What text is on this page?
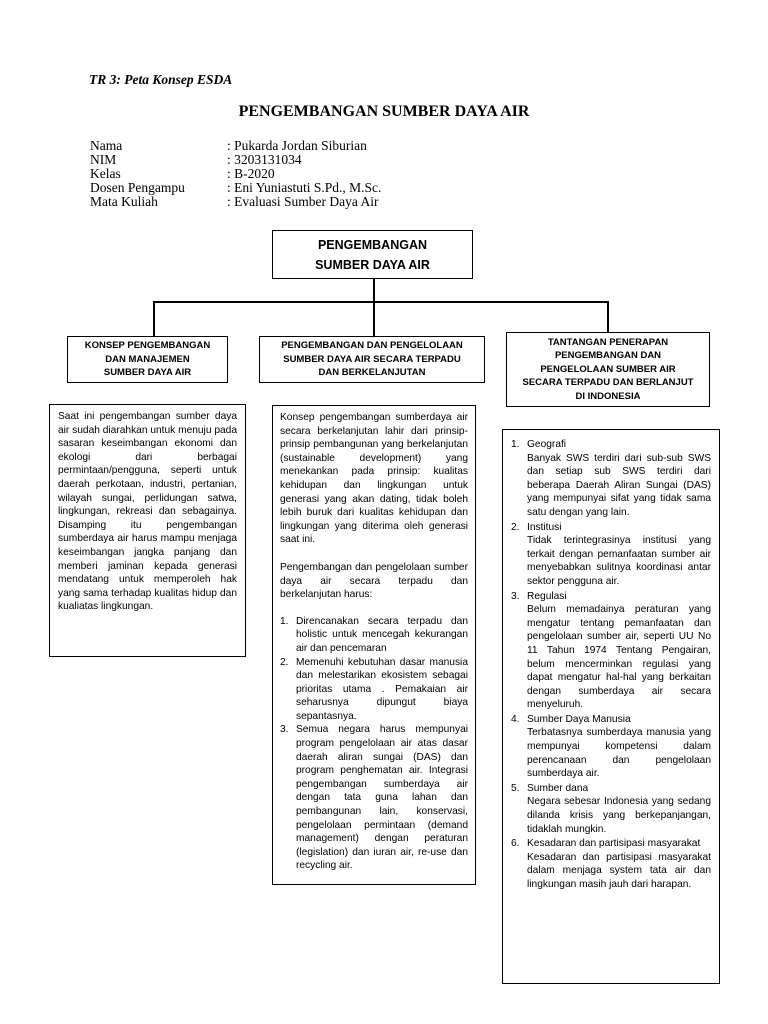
TR 3: Peta Konsep ESDA
PENGEMBANGAN SUMBER DAYA AIR
Nama	: Pukarda Jordan Siburian
NIM	: 3203131034
Kelas	: B-2020
Dosen Pengampu	: Eni Yuniastuti S.Pd., M.Sc.
Mata Kuliah	: Evaluasi Sumber Daya Air
PENGEMBANGAN
SUMBER DAYA AIR
KONSEP PENGEMBANGAN
DAN MANAJEMEN
SUMBER DAYA AIR
PENGEMBANGAN DAN PENGELOLAAN
SUMBER DAYA AIR SECARA TERPADU
DAN BERKELANJUTAN
TANTANGAN PENERAPAN
PENGEMBANGAN DAN
PENGELOLAAN SUMBER AIR
SECARA TERPADU DAN BERLANJUT
DI INDONESIA

Saat ini pengembangan sumber daya air sudah diarahkan untuk menuju pada sasaran keseimbangan ekonomi dan ekologi dari berbagai permintaan/pengguna, seperti untuk daerah perkotaan, industri, pertanian, wilayah sungai, perlidungan satwa, lingkungan, rekreasi dan sebagainya. Disamping itu pengembangan sumberdaya air harus mampu menjaga keseimbangan jangka panjang dan memberi jaminan kepada generasi mendatang untuk memperoleh hak yang sama terhadap kualitas hidup dan kualiatas lingkungan.

Konsep pengembangan sumberdaya air secara berkelanjutan lahir dari prinsip-prinsip pembangunan yang berkelanjutan (sustainable development) yang menekankan pada prinsip: kualitas kehidupan dan lingkungan untuk generasi yang akan dating, tidak boleh lebih buruk dari kualitas kehidupan dan lingkungan yang diterima oleh generasi saat ini.

Pengembangan dan pengelolaan sumber daya air secara terpadu dan berkelanjutan harus:

1. Direncanakan secara terpadu dan holistic untuk mencegah kekurangan air dan pencemaran
2. Memenuhi kebutuhan dasar manusia dan melestarikan ekosistem sebagai prioritas utama . Pemakaian air seharusnya dipungut biaya sepantasnya.
3. Semua negara harus mempunyai program pengelolaan air atas dasar daerah aliran sungai (DAS) dan program penghematan air. Integrasi pengembangan sumberdaya air dengan tata guna lahan dan pembangunan lain, konservasi, pengelolaan permintaan (demand management) dengan peraturan (legislation) dan iuran air, re-use dan recycling air.
1. Geografi
Banyak SWS terdiri dari sub-sub SWS dan setiap sub SWS terdiri dari beberapa Daerah Aliran Sungai (DAS) yang mempunyai sifat yang tidak sama satu dengan yang lain.
2. Institusi
Tidak terintegrasinya institusi yang terkait dengan pemanfaatan sumber air menyebabkan sulitnya koordinasi antar sektor pengguna air.
3. Regulasi
Belum memadainya peraturan yang mengatur tentang pemanfaatan dan pengelolaan sumber air, seperti UU No 11 Tahun 1974 Tentang Pengairan, belum mencerminkan regulasi yang dapat mengatur hal-hal yang berkaitan dengan sumberdaya air secara menyeluruh.
4. Sumber Daya Manusia
Terbatasnya sumberdaya manusia yang mempunyai kompetensi dalam perencanaan dan pengelolaan sumberdaya air.
5. Sumber dana
Negara sebesar Indonesia yang sedang dilanda krisis yang berkepanjangan, tidaklah mungkin.
6. Kesadaran dan partisipasi masyarakat
Kesadaran dan partisipasi masyarakat dalam menjaga system tata air dan lingkungan masih jauh dari harapan.
